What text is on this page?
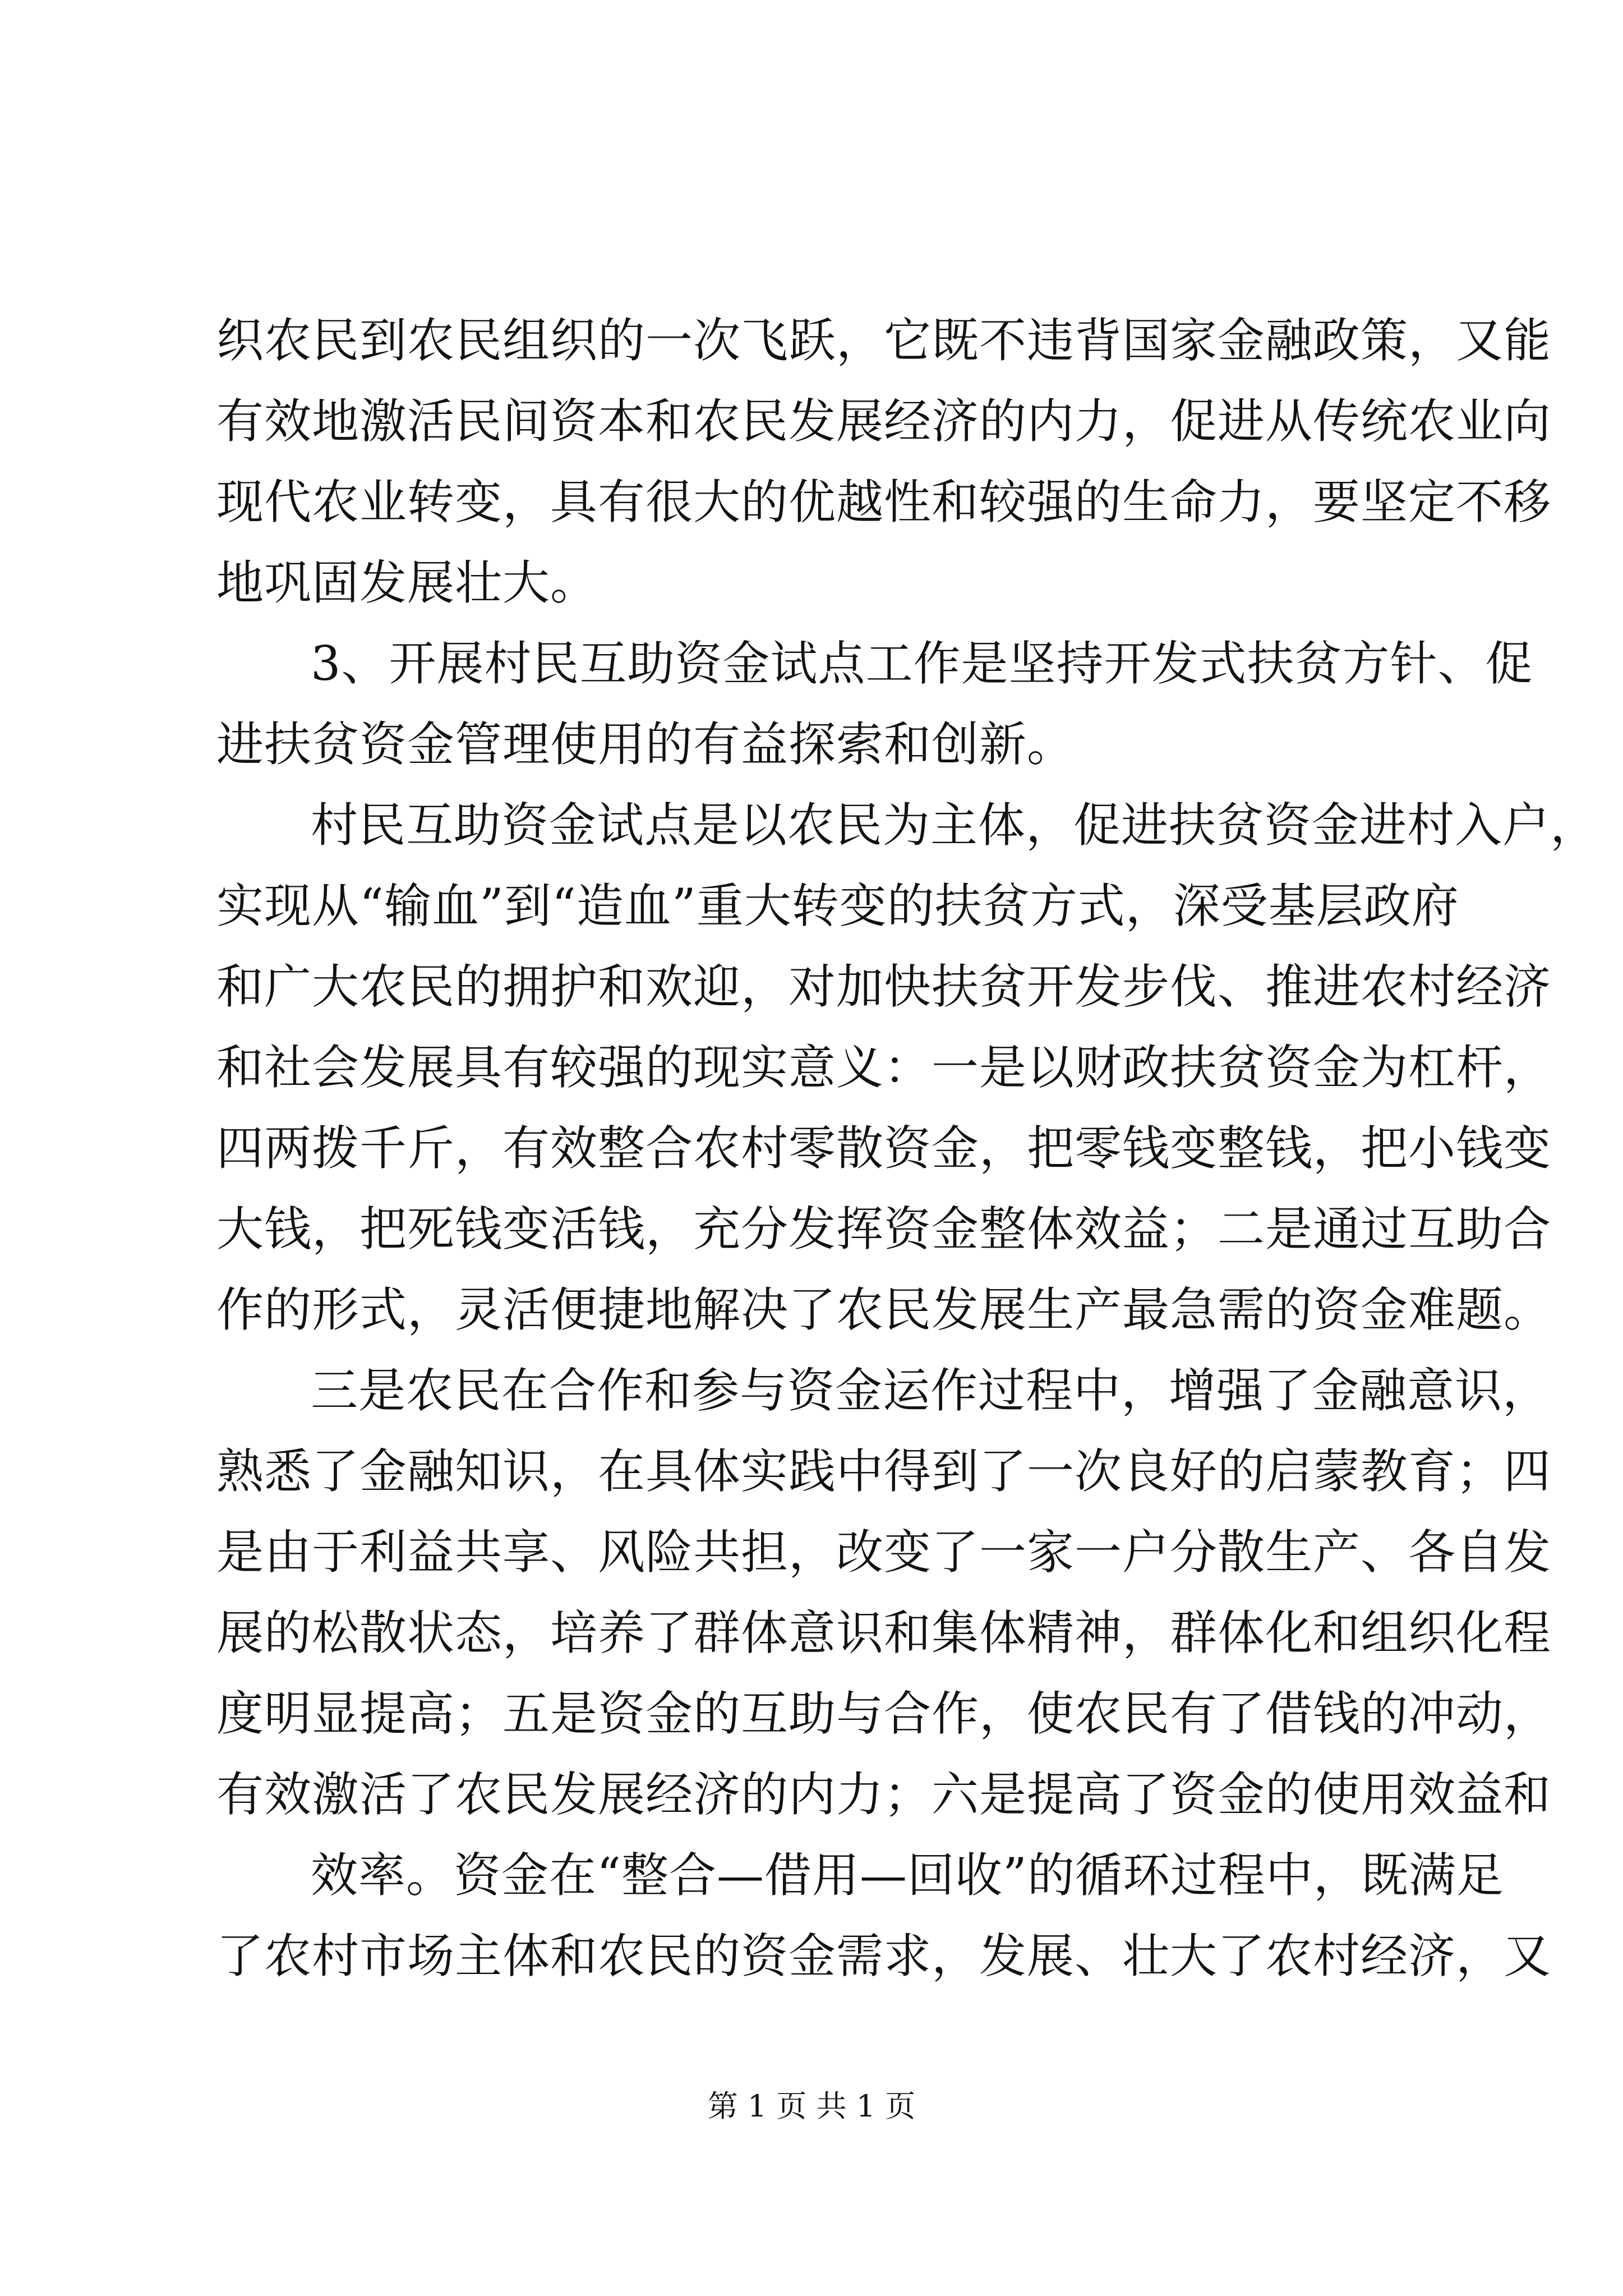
织农民到农民组织的一次飞跃，它既不违背国家金融政策，又能
有效地激活民间资本和农民发展经济的内力，促进从传统农业向
现代农业转变，具有很大的优越性和较强的生命力，要坚定不移
地巩固发展壮大。
3、开展村民互助资金试点工作是坚持开发式扶贫方针、促
进扶贫资金管理使用的有益探索和创新。
村民互助资金试点是以农民为主体，促进扶贫资金进村入户，
实现从“输血”到“造血”重大转变的扶贫方式，深受基层政府
和广大农民的拥护和欢迎，对加快扶贫开发步伐、推进农村经济
和社会发展具有较强的现实意义：一是以财政扶贫资金为杠杆，
四两拨千斤，有效整合农村零散资金，把零钱变整钱，把小钱变
大钱，把死钱变活钱，充分发挥资金整体效益；二是通过互助合
作的形式，灵活便捷地解决了农民发展生产最急需的资金难题。
三是农民在合作和参与资金运作过程中，增强了金融意识，
熟悉了金融知识，在具体实践中得到了一次良好的启蒙教育；四
是由于利益共享、风险共担，改变了一家一户分散生产、各自发
展的松散状态，培养了群体意识和集体精神，群体化和组织化程
度明显提高；五是资金的互助与合作，使农民有了借钱的冲动，
有效激活了农民发展经济的内力；六是提高了资金的使用效益和
效率。资金在“整合—借用—回收”的循环过程中，既满足
了农村市场主体和农民的资金需求，发展、壮大了农村经济，又
第 1 页 共 1 页
